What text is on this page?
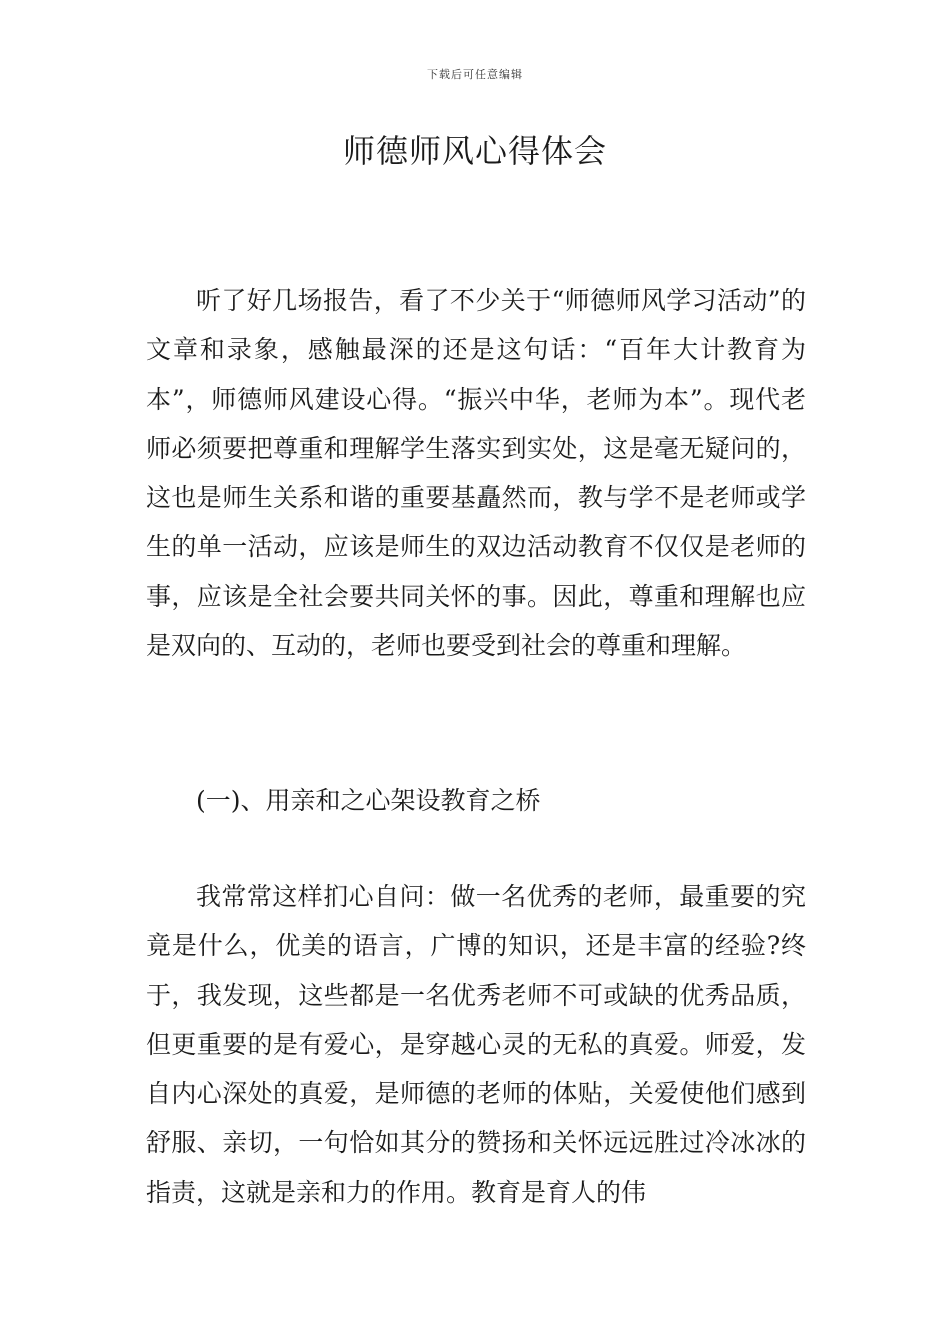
下载后可任意编辑
师德师风心得体会

听了好几场报告，看了不少关于“师德师风学习活动”的文章和录象，感触最深的还是这句话：“百年大计教育为本”，师德师风建设心得。“振兴中华，老师为本”。现代老师必须要把尊重和理解学生落实到实处，这是毫无疑问的，这也是师生关系和谐的重要基矗然而，教与学不是老师或学生的单一活动，应该是师生的双边活动教育不仅仅是老师的事，应该是全社会要共同关怀的事。因此，尊重和理解也应是双向的、互动的，老师也要受到社会的尊重和理解。

(一)、用亲和之心架设教育之桥

我常常这样扪心自问：做一名优秀的老师，最重要的究竟是什么，优美的语言，广博的知识，还是丰富的经验?终于，我发现，这些都是一名优秀老师不可或缺的优秀品质，但更重要的是有爱心，是穿越心灵的无私的真爱。师爱，发自内心深处的真爱，是师德的老师的体贴，关爱使他们感到舒服、亲切，一句恰如其分的赞扬和关怀远远胜过冷冰冰的指责，这就是亲和力的作用。教育是育人的伟
